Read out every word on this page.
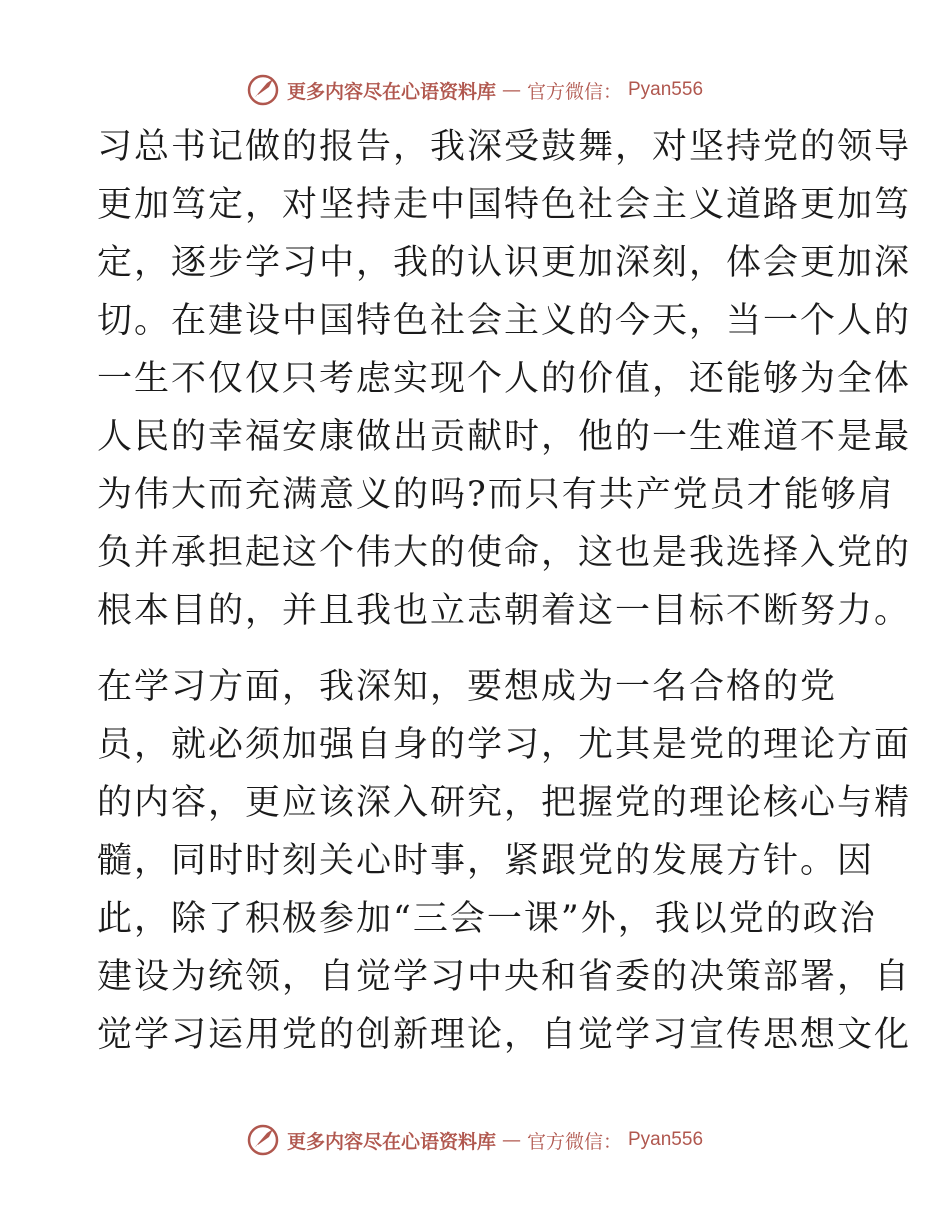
更多内容尽在心语资料库 — 官方微信： Pyan556

习总书记做的报告，我深受鼓舞，对坚持党的领导
更加笃定，对坚持走中国特色社会主义道路更加笃
定，逐步学习中，我的认识更加深刻，体会更加深
切。在建设中国特色社会主义的今天，当一个人的
一生不仅仅只考虑实现个人的价值，还能够为全体
人民的幸福安康做出贡献时，他的一生难道不是最
为伟大而充满意义的吗?而只有共产党员才能够肩
负并承担起这个伟大的使命，这也是我选择入党的
根本目的，并且我也立志朝着这一目标不断努力。

在学习方面，我深知，要想成为一名合格的党
员，就必须加强自身的学习，尤其是党的理论方面
的内容，更应该深入研究，把握党的理论核心与精
髓，同时时刻关心时事，紧跟党的发展方针。因
此，除了积极参加“三会一课”外，我以党的政治
建设为统领，自觉学习中央和省委的决策部署，自
觉学习运用党的创新理论，自觉学习宣传思想文化

更多内容尽在心语资料库 — 官方微信： Pyan556
